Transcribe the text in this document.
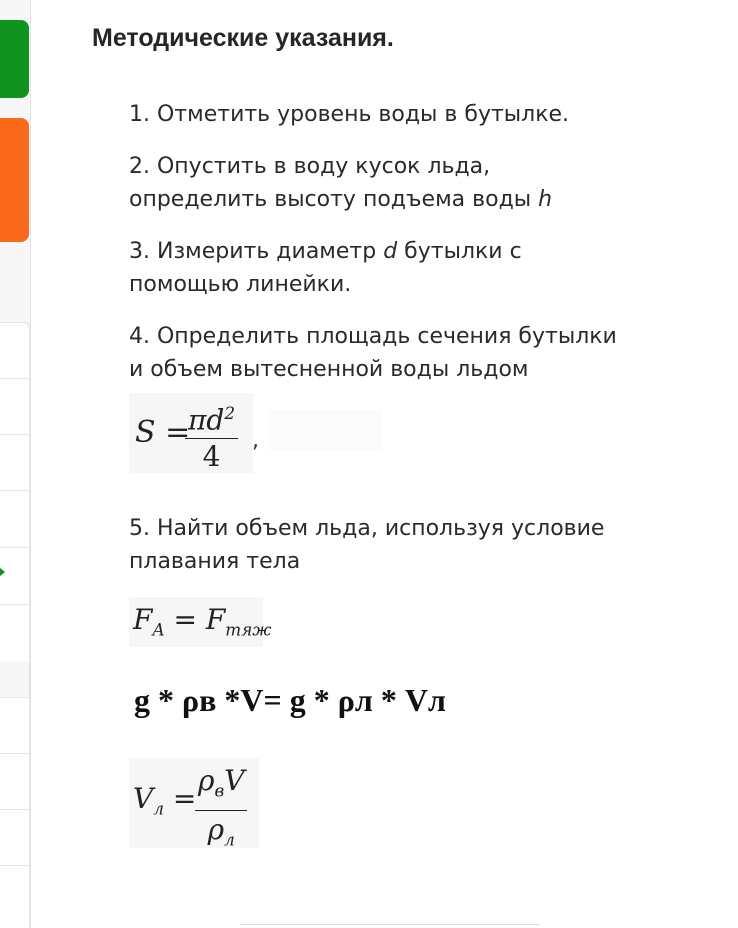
Методические указания.

1. Отметить уровень воды в бутылке.

2. Опустить в воду кусок льда,
определить высоту подъема воды h

3. Измерить диаметр d бутылки с
помощью линейки.

4. Определить площадь сечения бутылки
и объем вытесненной воды льдом

S =
$\pi d^2$
4	,

5. Найти объем льда, используя условие
плавания тела

$F_A = F_{тяж}$
g * ρв *V= g * ρл * Vл
$V_л$ =
$\rho_вV$
$\rho_л$
